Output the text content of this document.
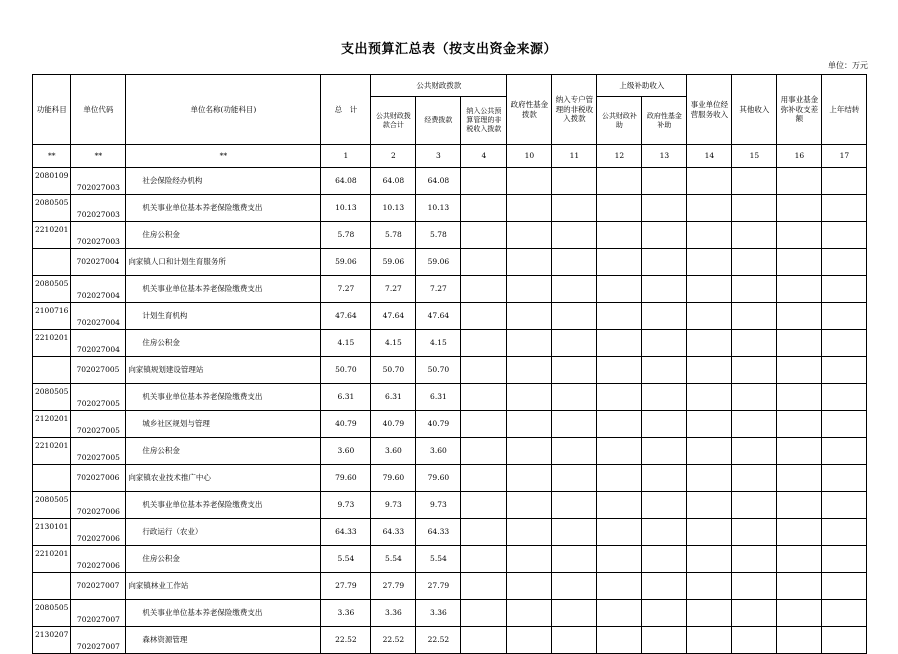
支出预算汇总表（按支出资金来源）
单位：万元
功能科目	单位代码	单位名称(功能科目)	总　计	公共财政拨款			政府性基金拨款	纳入专户管理的非税收入拨款	上级补助收入		事业单位经营服务收入	其他收入	用事业基金弥补收支差额	上年结转
				公共财政拨款合计	经费拨款	纳入公共预算管理的非税收入拨款			公共财政补助	政府性基金补助				
**	**	**	1	2	3	4	10	11	12	13	14	15	16	17
2080109	702027003	社会保险经办机构	64.08	64.08	64.08									
2080505	702027003	机关事业单位基本养老保险缴费支出	10.13	10.13	10.13									
2210201	702027003	住房公积金	5.78	5.78	5.78									
	702027004	向家镇人口和计划生育服务所	59.06	59.06	59.06									
2080505	702027004	机关事业单位基本养老保险缴费支出	7.27	7.27	7.27									
2100716	702027004	计划生育机构	47.64	47.64	47.64									
2210201	702027004	住房公积金	4.15	4.15	4.15									
	702027005	向家镇规划建设管理站	50.70	50.70	50.70									
2080505	702027005	机关事业单位基本养老保险缴费支出	6.31	6.31	6.31									
2120201	702027005	城乡社区规划与管理	40.79	40.79	40.79									
2210201	702027005	住房公积金	3.60	3.60	3.60									
	702027006	向家镇农业技术推广中心	79.60	79.60	79.60									
2080505	702027006	机关事业单位基本养老保险缴费支出	9.73	9.73	9.73									
2130101	702027006	行政运行（农业）	64.33	64.33	64.33									
2210201	702027006	住房公积金	5.54	5.54	5.54									
	702027007	向家镇林业工作站	27.79	27.79	27.79									
2080505	702027007	机关事业单位基本养老保险缴费支出	3.36	3.36	3.36									
2130207	702027007	森林资源管理	22.52	22.52	22.52									
